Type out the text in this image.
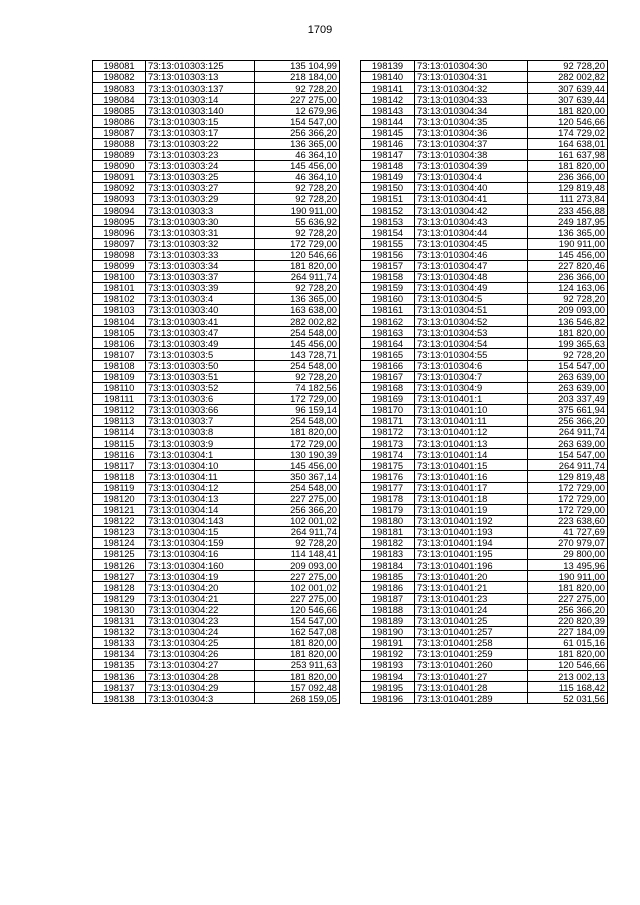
1709
198081	73:13:010303:125	135 104,99
198082	73:13:010303:13	218 184,00
198083	73:13:010303:137	92 728,20
198084	73:13:010303:14	227 275,00
198085	73:13:010303:140	12 679,96
198086	73:13:010303:15	154 547,00
198087	73:13:010303:17	256 366,20
198088	73:13:010303:22	136 365,00
198089	73:13:010303:23	46 364,10
198090	73:13:010303:24	145 456,00
198091	73:13:010303:25	46 364,10
198092	73:13:010303:27	92 728,20
198093	73:13:010303:29	92 728,20
198094	73:13:010303:3	190 911,00
198095	73:13:010303:30	55 636,92
198096	73:13:010303:31	92 728,20
198097	73:13:010303:32	172 729,00
198098	73:13:010303:33	120 546,66
198099	73:13:010303:34	181 820,00
198100	73:13:010303:37	264 911,74
198101	73:13:010303:39	92 728,20
198102	73:13:010303:4	136 365,00
198103	73:13:010303:40	163 638,00
198104	73:13:010303:41	282 002,82
198105	73:13:010303:47	254 548,00
198106	73:13:010303:49	145 456,00
198107	73:13:010303:5	143 728,71
198108	73:13:010303:50	254 548,00
198109	73:13:010303:51	92 728,20
198110	73:13:010303:52	74 182,56
198111	73:13:010303:6	172 729,00
198112	73:13:010303:66	96 159,14
198113	73:13:010303:7	254 548,00
198114	73:13:010303:8	181 820,00
198115	73:13:010303:9	172 729,00
198116	73:13:010304:1	130 190,39
198117	73:13:010304:10	145 456,00
198118	73:13:010304:11	350 367,14
198119	73:13:010304:12	254 548,00
198120	73:13:010304:13	227 275,00
198121	73:13:010304:14	256 366,20
198122	73:13:010304:143	102 001,02
198123	73:13:010304:15	264 911,74
198124	73:13:010304:159	92 728,20
198125	73:13:010304:16	114 148,41
198126	73:13:010304:160	209 093,00
198127	73:13:010304:19	227 275,00
198128	73:13:010304:20	102 001,02
198129	73:13:010304:21	227 275,00
198130	73:13:010304:22	120 546,66
198131	73:13:010304:23	154 547,00
198132	73:13:010304:24	162 547,08
198133	73:13:010304:25	181 820,00
198134	73:13:010304:26	181 820,00
198135	73:13:010304:27	253 911,63
198136	73:13:010304:28	181 820,00
198137	73:13:010304:29	157 092,48
198138	73:13:010304:3	268 159,05
198139	73:13:010304:30	92 728,20
198140	73:13:010304:31	282 002,82
198141	73:13:010304:32	307 639,44
198142	73:13:010304:33	307 639,44
198143	73:13:010304:34	181 820,00
198144	73:13:010304:35	120 546,66
198145	73:13:010304:36	174 729,02
198146	73:13:010304:37	164 638,01
198147	73:13:010304:38	161 637,98
198148	73:13:010304:39	181 820,00
198149	73:13:010304:4	236 366,00
198150	73:13:010304:40	129 819,48
198151	73:13:010304:41	111 273,84
198152	73:13:010304:42	233 456,88
198153	73:13:010304:43	249 187,95
198154	73:13:010304:44	136 365,00
198155	73:13:010304:45	190 911,00
198156	73:13:010304:46	145 456,00
198157	73:13:010304:47	227 820,46
198158	73:13:010304:48	236 366,00
198159	73:13:010304:49	124 163,06
198160	73:13:010304:5	92 728,20
198161	73:13:010304:51	209 093,00
198162	73:13:010304:52	136 546,82
198163	73:13:010304:53	181 820,00
198164	73:13:010304:54	199 365,63
198165	73:13:010304:55	92 728,20
198166	73:13:010304:6	154 547,00
198167	73:13:010304:7	263 639,00
198168	73:13:010304:9	263 639,00
198169	73:13:010401:1	203 337,49
198170	73:13:010401:10	375 661,94
198171	73:13:010401:11	256 366,20
198172	73:13:010401:12	264 911,74
198173	73:13:010401:13	263 639,00
198174	73:13:010401:14	154 547,00
198175	73:13:010401:15	264 911,74
198176	73:13:010401:16	129 819,48
198177	73:13:010401:17	172 729,00
198178	73:13:010401:18	172 729,00
198179	73:13:010401:19	172 729,00
198180	73:13:010401:192	223 638,60
198181	73:13:010401:193	41 727,69
198182	73:13:010401:194	270 979,07
198183	73:13:010401:195	29 800,00
198184	73:13:010401:196	13 495,96
198185	73:13:010401:20	190 911,00
198186	73:13:010401:21	181 820,00
198187	73:13:010401:23	227 275,00
198188	73:13:010401:24	256 366,20
198189	73:13:010401:25	220 820,39
198190	73:13:010401:257	227 184,09
198191	73:13:010401:258	61 015,16
198192	73:13:010401:259	181 820,00
198193	73:13:010401:260	120 546,66
198194	73:13:010401:27	213 002,13
198195	73:13:010401:28	115 168,42
198196	73:13:010401:289	52 031,56
